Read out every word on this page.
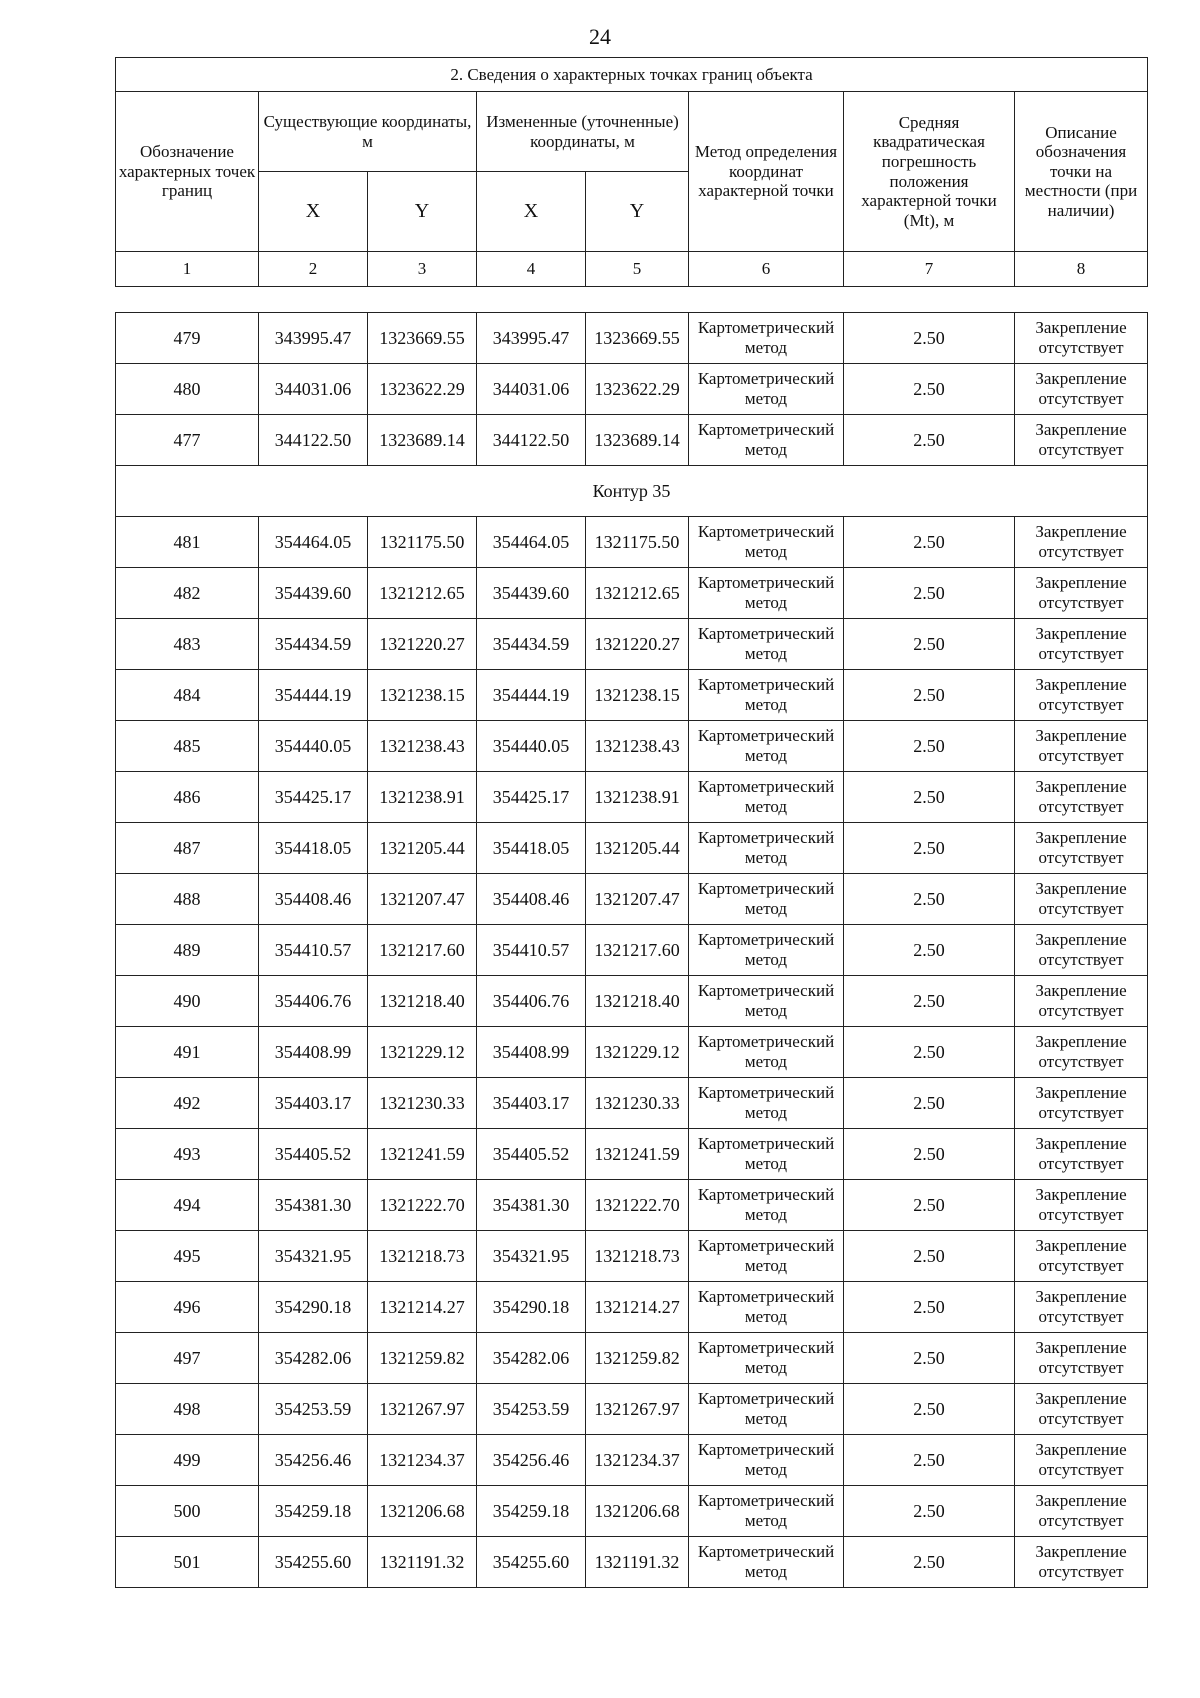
24
2. Сведения о характерных точках границ объекта							
Обозначение характерных точек границ	Существующие координаты, м		Измененные (уточненные) координаты, м		Метод определения координат характерной точки	Средняя квадратическая погрешность положения характерной точки (Mt), м	Описание обозначения точки на местности (при наличии)
	X	Y	X	Y			
1	2	3	4	5	6	7	8
479	343995.47	1323669.55	343995.47	1323669.55	Картометрический метод	2.50	Закрепление отсутствует
480	344031.06	1323622.29	344031.06	1323622.29	Картометрический метод	2.50	Закрепление отсутствует
477	344122.50	1323689.14	344122.50	1323689.14	Картометрический метод	2.50	Закрепление отсутствует
Контур 35							
481	354464.05	1321175.50	354464.05	1321175.50	Картометрический метод	2.50	Закрепление отсутствует
482	354439.60	1321212.65	354439.60	1321212.65	Картометрический метод	2.50	Закрепление отсутствует
483	354434.59	1321220.27	354434.59	1321220.27	Картометрический метод	2.50	Закрепление отсутствует
484	354444.19	1321238.15	354444.19	1321238.15	Картометрический метод	2.50	Закрепление отсутствует
485	354440.05	1321238.43	354440.05	1321238.43	Картометрический метод	2.50	Закрепление отсутствует
486	354425.17	1321238.91	354425.17	1321238.91	Картометрический метод	2.50	Закрепление отсутствует
487	354418.05	1321205.44	354418.05	1321205.44	Картометрический метод	2.50	Закрепление отсутствует
488	354408.46	1321207.47	354408.46	1321207.47	Картометрический метод	2.50	Закрепление отсутствует
489	354410.57	1321217.60	354410.57	1321217.60	Картометрический метод	2.50	Закрепление отсутствует
490	354406.76	1321218.40	354406.76	1321218.40	Картометрический метод	2.50	Закрепление отсутствует
491	354408.99	1321229.12	354408.99	1321229.12	Картометрический метод	2.50	Закрепление отсутствует
492	354403.17	1321230.33	354403.17	1321230.33	Картометрический метод	2.50	Закрепление отсутствует
493	354405.52	1321241.59	354405.52	1321241.59	Картометрический метод	2.50	Закрепление отсутствует
494	354381.30	1321222.70	354381.30	1321222.70	Картометрический метод	2.50	Закрепление отсутствует
495	354321.95	1321218.73	354321.95	1321218.73	Картометрический метод	2.50	Закрепление отсутствует
496	354290.18	1321214.27	354290.18	1321214.27	Картометрический метод	2.50	Закрепление отсутствует
497	354282.06	1321259.82	354282.06	1321259.82	Картометрический метод	2.50	Закрепление отсутствует
498	354253.59	1321267.97	354253.59	1321267.97	Картометрический метод	2.50	Закрепление отсутствует
499	354256.46	1321234.37	354256.46	1321234.37	Картометрический метод	2.50	Закрепление отсутствует
500	354259.18	1321206.68	354259.18	1321206.68	Картометрический метод	2.50	Закрепление отсутствует
501	354255.60	1321191.32	354255.60	1321191.32	Картометрический метод	2.50	Закрепление отсутствует
